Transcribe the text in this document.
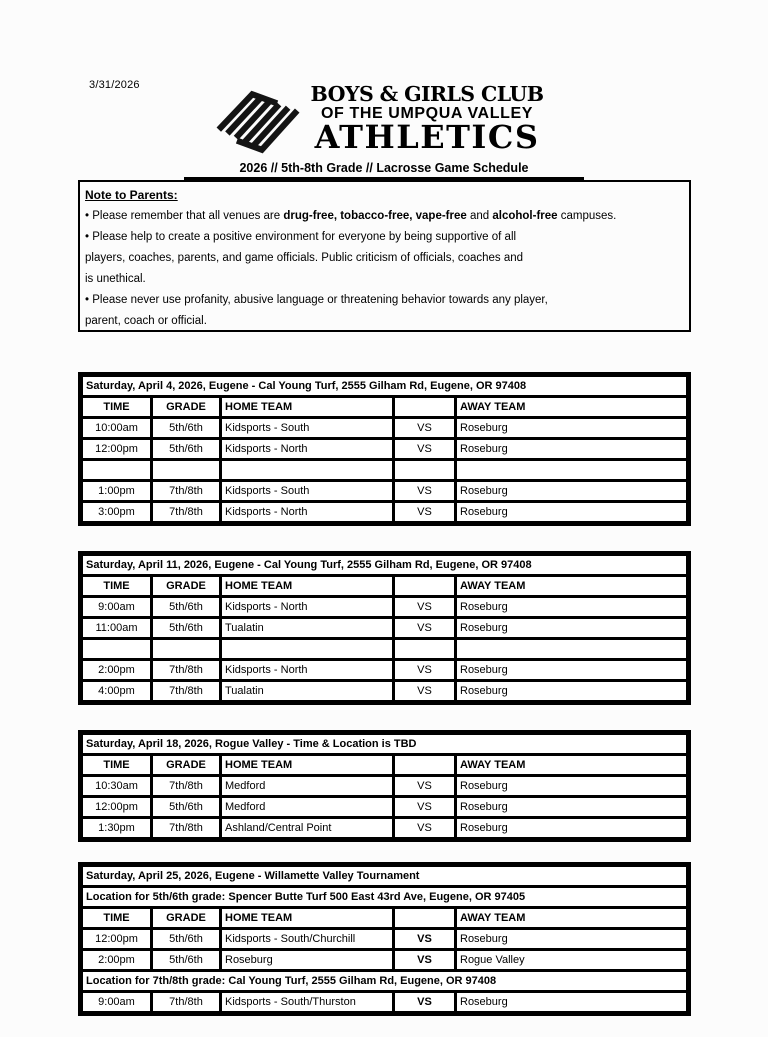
3/31/2026	BOYS & GIRLS CLUB
OF THE UMPQUA VALLEY
ATHLETICS
2026 // 5th-8th Grade // Lacrosse Game Schedule
Note to Parents:
• Please remember that all venues are drug-free, tobacco-free, vape-free and alcohol-free campuses.
• Please help to create a positive environment for everyone by being supportive of all
players, coaches, parents, and game officials. Public criticism of officials, coaches and
is unethical.
• Please never use profanity, abusive language or threatening behavior towards any player,
parent, coach or official.
Saturday, April 4, 2026, Eugene - Cal Young Turf, 2555 Gilham Rd, Eugene, OR 97408				
TIME	GRADE	HOME TEAM		AWAY TEAM
10:00am	5th/6th	Kidsports - South	VS	Roseburg
12:00pm	5th/6th	Kidsports - North	VS	Roseburg

1:00pm	7th/8th	Kidsports - South	VS	Roseburg
3:00pm	7th/8th	Kidsports - North	VS	Roseburg
Saturday, April 11, 2026, Eugene - Cal Young Turf, 2555 Gilham Rd, Eugene, OR 97408				
TIME	GRADE	HOME TEAM		AWAY TEAM
9:00am	5th/6th	Kidsports - North	VS	Roseburg
11:00am	5th/6th	Tualatin	VS	Roseburg

2:00pm	7th/8th	Kidsports - North	VS	Roseburg
4:00pm	7th/8th	Tualatin	VS	Roseburg
Saturday, April 18, 2026, Rogue Valley - Time & Location is TBD				
TIME	GRADE	HOME TEAM		AWAY TEAM
10:30am	7th/8th	Medford	VS	Roseburg
12:00pm	5th/6th	Medford	VS	Roseburg
1:30pm	7th/8th	Ashland/Central Point	VS	Roseburg
Saturday, April 25, 2026, Eugene - Willamette Valley Tournament				
Location for 5th/6th grade: Spencer Butte Turf 500 East 43rd Ave, Eugene, OR 97405				
TIME	GRADE	HOME TEAM		AWAY TEAM
12:00pm	5th/6th	Kidsports - South/Churchill	VS	Roseburg
2:00pm	5th/6th	Roseburg	VS	Rogue Valley
Location for 7th/8th grade: Cal Young Turf, 2555 Gilham Rd, Eugene, OR 97408				
9:00am	7th/8th	Kidsports - South/Thurston	VS	Roseburg
